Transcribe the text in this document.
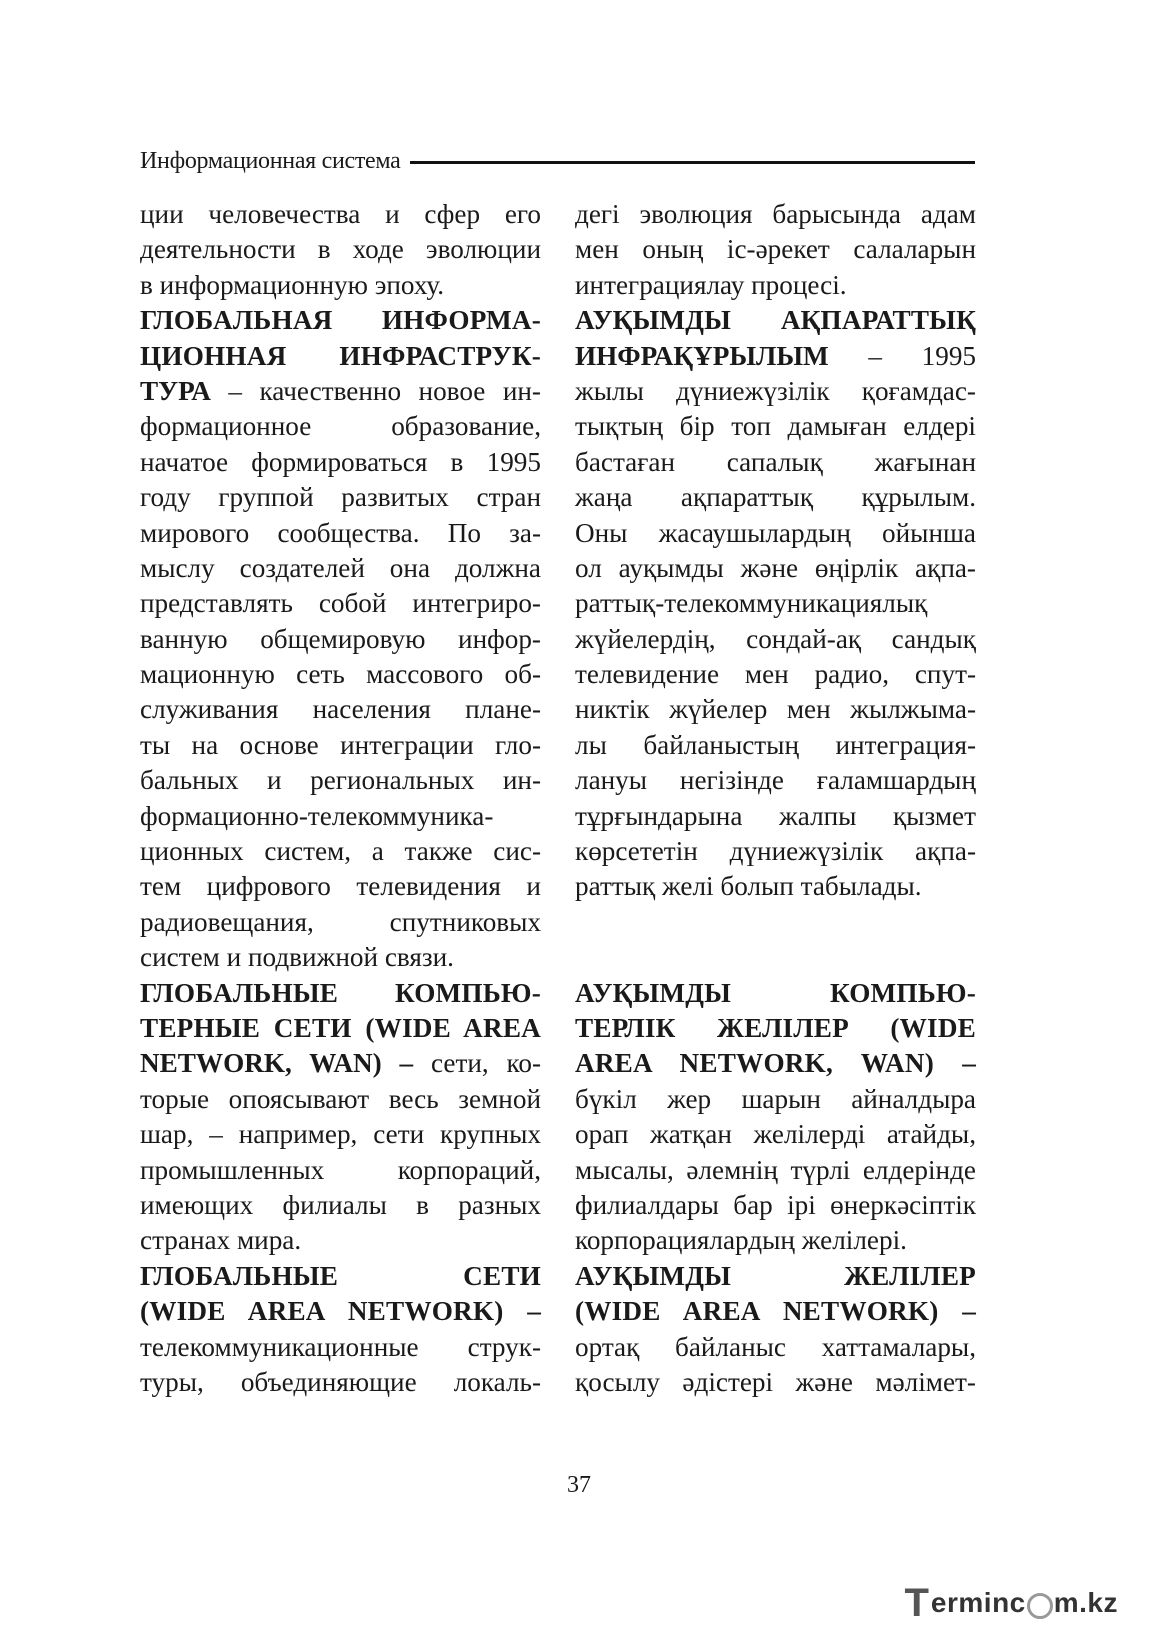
Информационная система
ции человечества и сфер его
деятельности в ходе эволюции
в информационную эпоху.
ГЛОБАЛЬНАЯ ИНФОРМА-
ЦИОННАЯ ИНФРАСТРУК-
ТУРА – качественно новое ин-
формационное образование,
начатое формироваться в 1995
году группой развитых стран
мирового сообщества. По за-
мыслу создателей она должна
представлять собой интегриро-
ванную общемировую инфор-
мационную сеть массового об-
служивания населения плане-
ты на основе интеграции гло-
бальных и региональных ин-
формационно-телекоммуника-
ционных систем, а также сис-
тем цифрового телевидения и
радиовещания, спутниковых
систем и подвижной связи.
ГЛОБАЛЬНЫЕ КОМПЬЮ-
ТЕРНЫЕ СЕТИ (WIDE AREA
NETWORK, WAN) – сети, ко-
торые опоясывают весь земной
шар, – например, сети крупных
промышленных корпораций,
имеющих филиалы в разных
странах мира.
ГЛОБАЛЬНЫЕ СЕТИ
(WIDE AREA NETWORK) –
телекоммуникационные струк-
туры, объединяющие локаль-
дегі эволюция барысында адам
мен оның іс-әрекет салаларын
интеграциялау процесі.
АУҚЫМДЫ АҚПАРАТТЫҚ
ИНФРАҚҰРЫЛЫМ – 1995
жылы дүниежүзілік қоғамдас-
тықтың бір топ дамыған елдері
бастаған сапалық жағынан
жаңа ақпараттық құрылым.
Оны жасаушылардың ойынша
ол ауқымды және өңірлік ақпа-
раттық-телекоммуникациялық
жүйелердің, сондай-ақ сандық
телевидение мен радио, спут-
никтік жүйелер мен жылжыма-
лы байланыстың интеграция-
лануы негізінде ғаламшардың
тұрғындарына жалпы қызмет
көрсететін дүниежүзілік ақпа-
раттық желі болып табылады.
АУҚЫМДЫ КОМПЬЮ-
ТЕРЛІК ЖЕЛІЛЕР (WIDE
AREA NETWORK, WAN) –
бүкіл жер шарын айналдыра
орап жатқан желілерді атайды,
мысалы, әлемнің түрлі елдерінде
филиалдары бар ірі өнеркәсіптік
корпорациялардың желілері.
АУҚЫМДЫ ЖЕЛІЛЕР
(WIDE AREA NETWORK) –
ортақ байланыс хаттамалары,
қосылу әдістері және мәлімет-
37
T erminc m.kz
